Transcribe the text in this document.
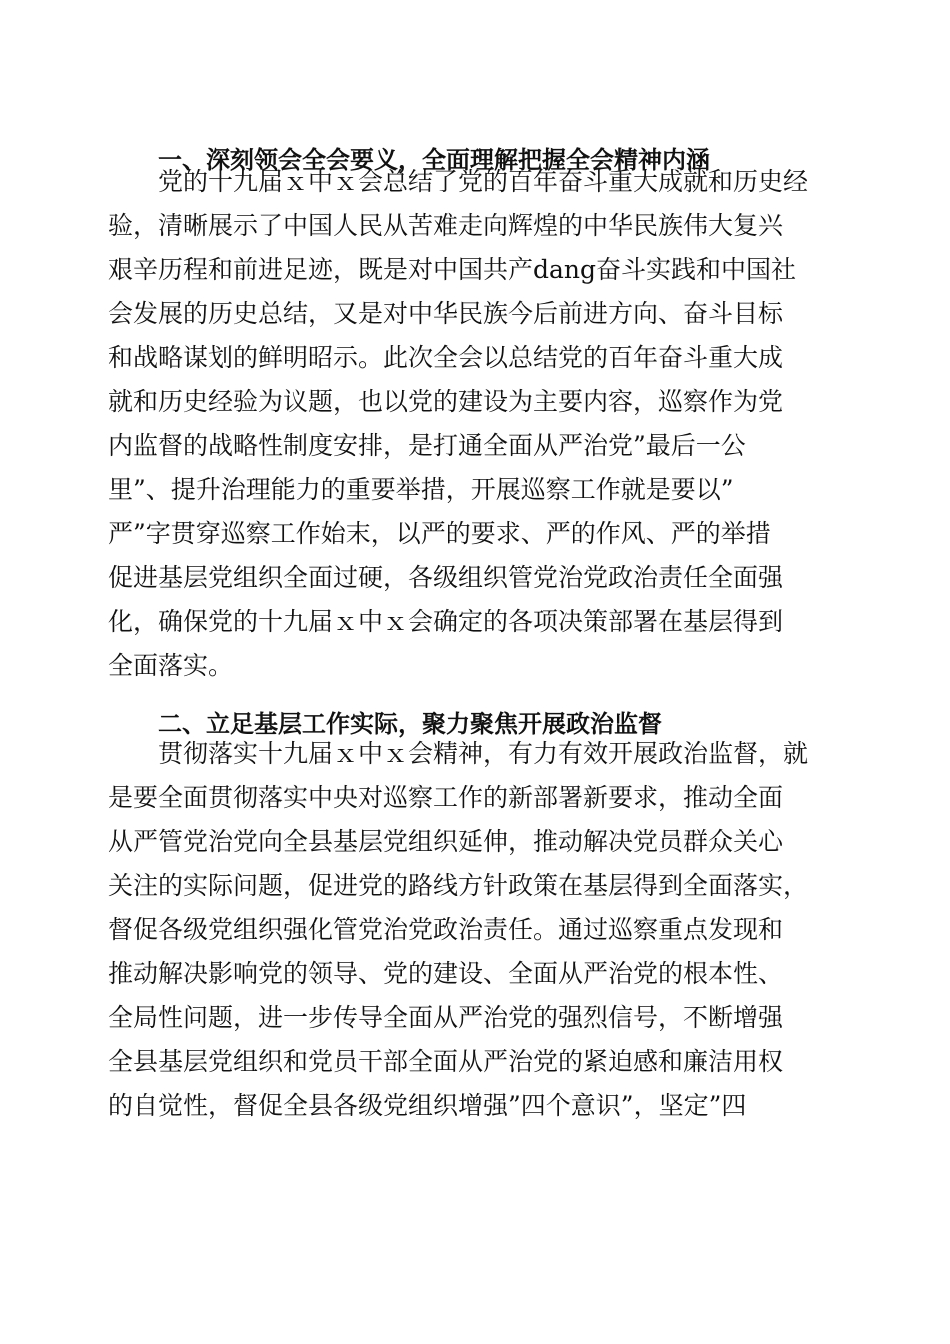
一、深刻领会全会要义，全面理解把握全会精神内涵
党的十九届ｘ中ｘ会总结了党的百年奋斗重大成就和历史经
验，清晰展示了中国人民从苦难走向辉煌的中华民族伟大复兴
艰辛历程和前进足迹，既是对中国共产dang奋斗实践和中国社
会发展的历史总结，又是对中华民族今后前进方向、奋斗目标
和战略谋划的鲜明昭示。此次全会以总结党的百年奋斗重大成
就和历史经验为议题，也以党的建设为主要内容，巡察作为党
内监督的战略性制度安排，是打通全面从严治党”最后一公
里”、提升治理能力的重要举措，开展巡察工作就是要以”
严”字贯穿巡察工作始末，以严的要求、严的作风、严的举措
促进基层党组织全面过硬，各级组织管党治党政治责任全面强
化，确保党的十九届ｘ中ｘ会确定的各项决策部署在基层得到
全面落实。
二、立足基层工作实际，聚力聚焦开展政治监督
贯彻落实十九届ｘ中ｘ会精神，有力有效开展政治监督，就
是要全面贯彻落实中央对巡察工作的新部署新要求，推动全面
从严管党治党向全县基层党组织延伸，推动解决党员群众关心
关注的实际问题，促进党的路线方针政策在基层得到全面落实，
督促各级党组织强化管党治党政治责任。通过巡察重点发现和
推动解决影响党的领导、党的建设、全面从严治党的根本性、
全局性问题，进一步传导全面从严治党的强烈信号，不断增强
全县基层党组织和党员干部全面从严治党的紧迫感和廉洁用权
的自觉性，督促全县各级党组织增强”四个意识”，坚定”四
